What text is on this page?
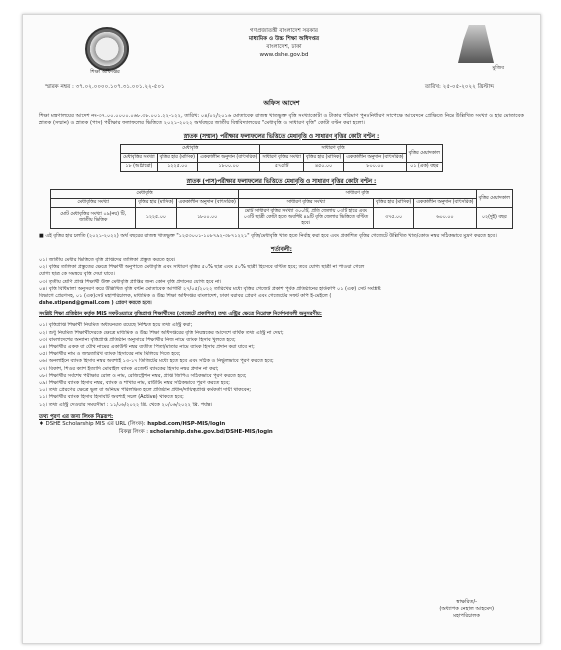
শিক্ষা অধিদপ্তর
গণপ্রজাতন্ত্রী বাংলাদেশ সরকার
মাধ্যমিক ও উচ্চ শিক্ষা অধিদপ্তর
বাংলাদেশ, ঢাকা
www.dshe.gov.bd
মুজিব
স্মারক নম্বর : ৩৭.০২.০০০০.১০৭.৩১.০০১.২২-৫০১	তারিখ: ২৫-০৫-২০২২ খ্রিস্টাব্দ
অফিস আদেশ
শিক্ষা মন্ত্রণালয়ের আদেশ নং-৩৭.০০.০০০০.০৬৮.৩৮.০০১.২২-১২২, তারিখ: ০৪/০২/২০১৬ মোতাবেক রাজস্ব খাতভুক্ত বৃত্তি সংখ্যাকোটা ও টাকার পরিমাণ পুনঃনির্ধারণ সাপেক্ষে আবেদনে প্রেক্ষিতে নিম্নে উল্লিখিত সংখ্যা ও হার মোতাবেক স্নাতক (সম্মান) ও স্নাতক (পাস) পরীক্ষার ফলাফলের ভিত্তিতে ২০২১-২০২২ অর্থবছরে জাতীয় বিশ্ববিদ্যালয়ের "মেধাবৃত্তি ও সাধারণ বৃত্তি" কোটা বণ্টন করা হলো।
স্নাতক (সম্মান) পরীক্ষার ফলাফলের ভিত্তিতে মেধাবৃত্তি ও সাধারণ বৃত্তির কোটা বণ্টন :
মেধাবৃত্তি			সাধারণ বৃত্তি			বৃত্তির মেয়াদকাল
মেধাবৃত্তির সংখ্যা	বৃত্তির হার (মাসিক)	এককালীন অনুদান (বাৎসরিক)	সাধারণ বৃত্তির সংখ্যা	বৃত্তির হার (মাসিক)	এককালীন অনুদান (বাৎসরিক)	
১৮ (আঠারো)	১২২৫.০০	১৮০০.০০	৫৭৫টি	৪৫০.০০	৮০০.০০	০১ (এক) বছর
স্নাতক (পাস)পরীক্ষার ফলাফলের ভিত্তিতে মেধাবৃত্তি ও সাধারণ বৃত্তির কোটা বণ্টন :
মেধাবৃত্তি			সাধারণ বৃত্তি			বৃত্তির মেয়াদকাল
মেধাবৃত্তির সংখ্যা	বৃত্তির হার (মাসিক)	এককালীন অনুদান (বাৎসরিক)	সাধারণ বৃত্তির সংখ্যা	বৃত্তির হার (মাসিক)	এককালীন অনুদান (বাৎসরিক)	
মোট মেধাবৃত্তির সংখ্যা ০৯(নয়) টি, জাতীয় ভিত্তিক	১২২৫.০০	১৮০০.০০	মোট সাধারণ বৃত্তির সংখ্যা ৩০০টি, প্রতি জেলায় ০৩টি হারে এবং ০৩টি ছাত্রী কোটা হতে অবশিষ্ট ৪৯টি বৃত্তি জেলার ভিত্তিতে বণ্টিত হবে।	৩৭৫.০০	৬০০.০০	০২(দুই) বছর
■ এই বৃত্তির হার চলতি (২০২১-২০২২) অর্থ বছরের রাজস্ব খাতভুক্ত "১২৫৩০০১-১০৮৭৯২-৩৮৭১২২১" বৃত্তি/মেধাবৃত্তি খাত হতে নির্বাহ করা হবে এবং প্রকাশিত বৃত্তির গেজেটে উল্লিখিত খাত/কোড নম্বর সঠিকভাবে মুদ্রণ করতে হবে।
শর্তাবলী:
০১। জাতীয় মেধার ভিত্তিতে বৃত্তি প্রাপ্তদের তালিকা প্রস্তুত করতে হবে।
০২। বৃত্তির তালিকা প্রস্তুতের ক্ষেত্রে শিক্ষার্থী অনুপাতে মেধাবৃত্তি এবং সাধারণ বৃত্তির ৫০% ছাত্র এবং ৫০% ছাত্রী হিসেবে বণ্টিত হবে; তবে যোগ্য ছাত্রী না পাওয়া গেলে
যোগ্য ছাত্র কে সমন্বয়ে বৃত্তি দেয়া যাবে।
০৩। তৃতীয় শ্রেণি প্রাপ্ত শিক্ষার্থী উক্ত মেধাবৃত্তি প্রাপ্তির জন্য কোন বৃত্তি প্রদানের যোগ্য হবে না।
০৪। বৃত্তি বিধিমালা অনুসরণ করে উল্লিখিত বৃত্তি বণ্টন মোতাবেক আগামী ২৭/০৫/২০২২ তারিখের মধ্যে বৃত্তির গেজেট প্রকাশ পূর্বক প্রতিষ্ঠানের হার্ডকপি ০১ (এক) সেট সংশ্লিষ্ট
বিভাগে প্রেরণসহ, ০১ (এক)সেট মহাপরিচালক, মাধ্যমিক ও উচ্চ শিক্ষা অধিদপ্তর বাংলাদেশ, ঢাকা বরাবর প্রেরণ এবং গেজেটের সফট কপি ই-মেইলে (
dshe.stipend@gmail.com ) প্রেরণ করতে হবে।
সংশ্লিষ্ট শিক্ষা প্রতিষ্ঠান কর্তৃক MIS সফটওয়্যারে বৃত্তিপ্রাপ্ত শিক্ষার্থীদের (গেজেটে প্রকাশিত) তথ্য এন্ট্রির ক্ষেত্রে নিম্নোক্ত নির্দেশনাবলী অনুসরণীয়:
০১। বৃত্তিপ্রাপ্ত শিক্ষার্থী নিয়মিত অধ্যয়নরত রয়েছে নিশ্চিত হয়ে তথ্য এন্ট্রি করা;
০২। শুধু নিয়মিত শিক্ষার্থীদেরকে ক্ষেত্রে মাধ্যমিক ও উচ্চ শিক্ষা অধিদপ্তরের বৃত্তি নিয়ন্ত্রকের আদেশে বার্ষিক তথ্য এন্ট্রি না দেয়া;
০৩। বাংলাদেশের অন্যান্য বৃত্তিপ্রাপ্ত প্রতিষ্ঠান অনুসারে শিক্ষার্থীর নিজ নামে ব্যাংক হিসাব খুলতে হবে;
০৪। শিক্ষার্থীর একক বা যৌথ নামের একাউন্ট নম্বর ব্যতীত পিতা/মাতার নামে ব্যাংক হিসাব প্রদান করা যাবে না;
০৫। শিক্ষার্থীর নাম ও জন্মতারিখ ব্যাংক হিসাবের নাম মিলিয়ে দিতে হবে;
০৬। অনলাইনে ব্যাংক হিসাব নম্বর অবশ্যই ১৩-১৭ ডিজিটের মধ্যে হতে হবে এবং সঠিক ও নির্ভুলভাবে পূরণ করতে হবে;
০৭। বিকাশ, শিওর ক্যাশ ইত্যাদি মোবাইল ব্যাংক এজেন্ট ব্যাংকের হিসাব নম্বর প্রদান না করা;
০৮। শিক্ষার্থীর সর্বশেষ পরীক্ষার রোল ও নাম, রেজিস্ট্রেশন নম্বর, প্রাপ্ত জিপিএ সঠিকভাবে পূরণ করতে হবে;
০৯। শিক্ষার্থীর ব্যাংক হিসাব নম্বর, ব্যাংক ও শাখার নাম, রাউটিং নম্বর সঠিকভাবে পূরণ করতে হবে;
১০। তথ্য প্রেরণের ক্ষেত্রে ভুল বা অনিয়ম পরিলক্ষিত হলে প্রতিষ্ঠান প্রধান/দায়িত্বপ্রাপ্ত কর্মকর্তা দায়ী থাকবেন;
১১। শিক্ষার্থীর ব্যাংক হিসাব হিসাবটি অবশ্যই সচল (Active) থাকতে হবে;
১২। তথ্য এন্ট্রি দেওয়ার সময়সীমা : ১১/০৬/২০২২ খ্রি. থেকে ২০/০৬/২০২২ খ্রি. পর্যন্ত।
তথ্য পূরণ এর জন্য লিংক নিম্নরূপ:
♦ DSHE Scholarship MIS এর URL (লিংক): hspbd.com/HSP-MIS/login
বিকল্প লিংক : scholarship.dshe.gov.bd/DSHE-MIS/login
স্বাক্ষরিত/-
(অধ্যাপক নেহাল আহমেদ)
মহাপরিচালক
